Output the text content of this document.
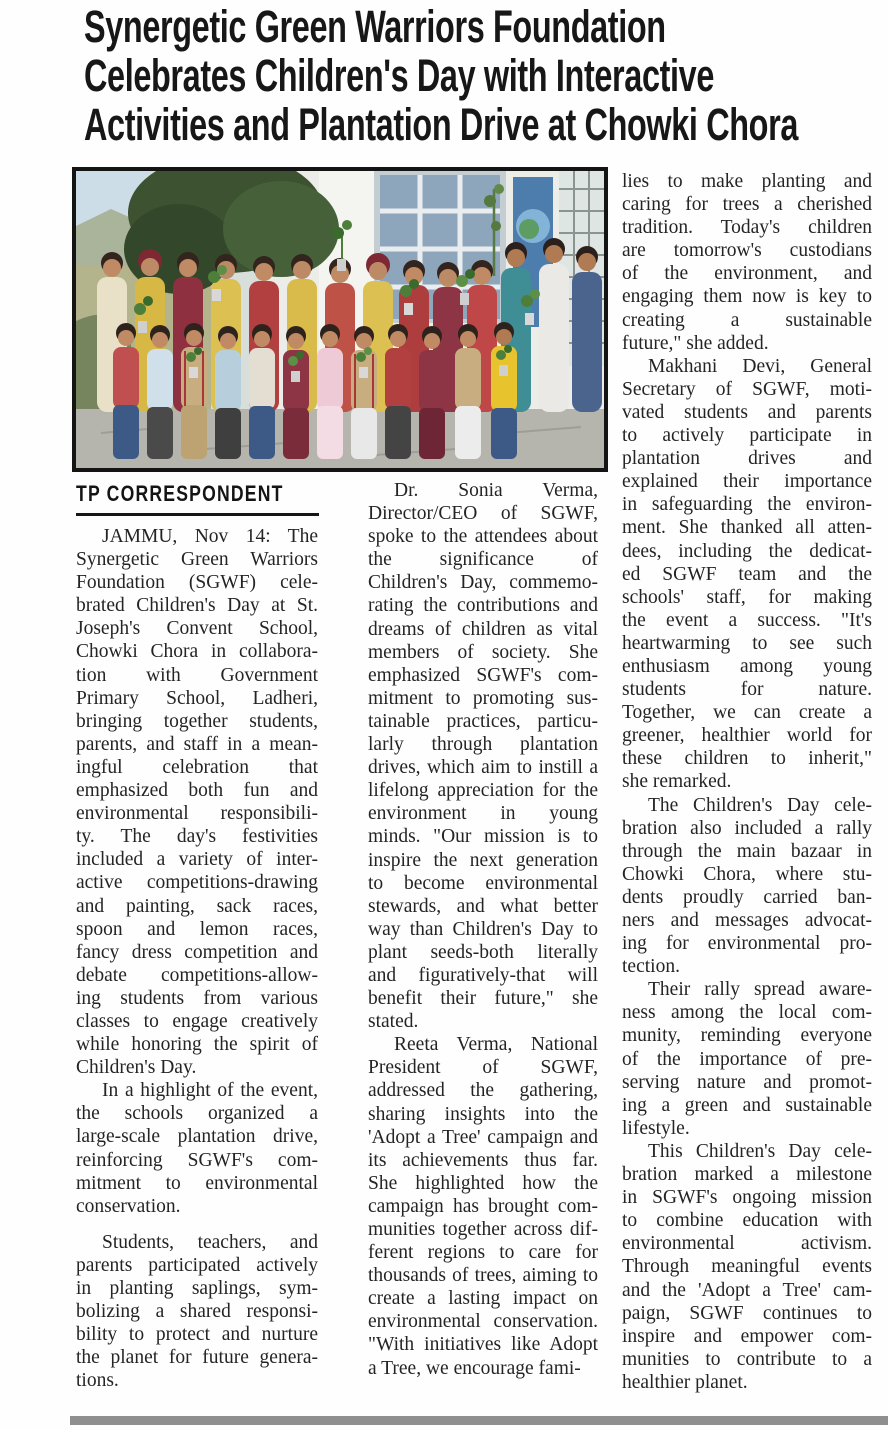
Synergetic Green Warriors Foundation
Celebrates Children's Day with Interactive
Activities and Plantation Drive at Chowki Chora
TP CORRESPONDENT
JAMMU, Nov 14: The
Synergetic Green Warriors
Foundation (SGWF) cele-
brated Children's Day at St.
Joseph's Convent School,
Chowki Chora in collabora-
tion with Government
Primary School, Ladheri,
bringing together students,
parents, and staff in a mean-
ingful celebration that
emphasized both fun and
environmental responsibili-
ty. The day's festivities
included a variety of inter-
active competitions-drawing
and painting, sack races,
spoon and lemon races,
fancy dress competition and
debate competitions-allow-
ing students from various
classes to engage creatively
while honoring the spirit of
Children's Day.
In a highlight of the event,
the schools organized a
large-scale plantation drive,
reinforcing SGWF's com-
mitment to environmental
conservation.
Students, teachers, and
parents participated actively
in planting saplings, sym-
bolizing a shared responsi-
bility to protect and nurture
the planet for future genera-
tions.
Dr. Sonia Verma,
Director/CEO of SGWF,
spoke to the attendees about
the significance of
Children's Day, commemo-
rating the contributions and
dreams of children as vital
members of society. She
emphasized SGWF's com-
mitment to promoting sus-
tainable practices, particu-
larly through plantation
drives, which aim to instill a
lifelong appreciation for the
environment in young
minds. "Our mission is to
inspire the next generation
to become environmental
stewards, and what better
way than Children's Day to
plant seeds-both literally
and figuratively-that will
benefit their future," she
stated.
Reeta Verma, National
President of SGWF,
addressed the gathering,
sharing insights into the
'Adopt a Tree' campaign and
its achievements thus far.
She highlighted how the
campaign has brought com-
munities together across dif-
ferent regions to care for
thousands of trees, aiming to
create a lasting impact on
environmental conservation.
"With initiatives like Adopt
a Tree, we encourage fami-
lies to make planting and
caring for trees a cherished
tradition. Today's children
are tomorrow's custodians
of the environment, and
engaging them now is key to
creating a sustainable
future," she added.
Makhani Devi, General
Secretary of SGWF, moti-
vated students and parents
to actively participate in
plantation drives and
explained their importance
in safeguarding the environ-
ment. She thanked all atten-
dees, including the dedicat-
ed SGWF team and the
schools' staff, for making
the event a success. "It's
heartwarming to see such
enthusiasm among young
students for nature.
Together, we can create a
greener, healthier world for
these children to inherit,"
she remarked.
The Children's Day cele-
bration also included a rally
through the main bazaar in
Chowki Chora, where stu-
dents proudly carried ban-
ners and messages advocat-
ing for environmental pro-
tection.
Their rally spread aware-
ness among the local com-
munity, reminding everyone
of the importance of pre-
serving nature and promot-
ing a green and sustainable
lifestyle.
This Children's Day cele-
bration marked a milestone
in SGWF's ongoing mission
to combine education with
environmental activism.
Through meaningful events
and the 'Adopt a Tree' cam-
paign, SGWF continues to
inspire and empower com-
munities to contribute to a
healthier planet.
